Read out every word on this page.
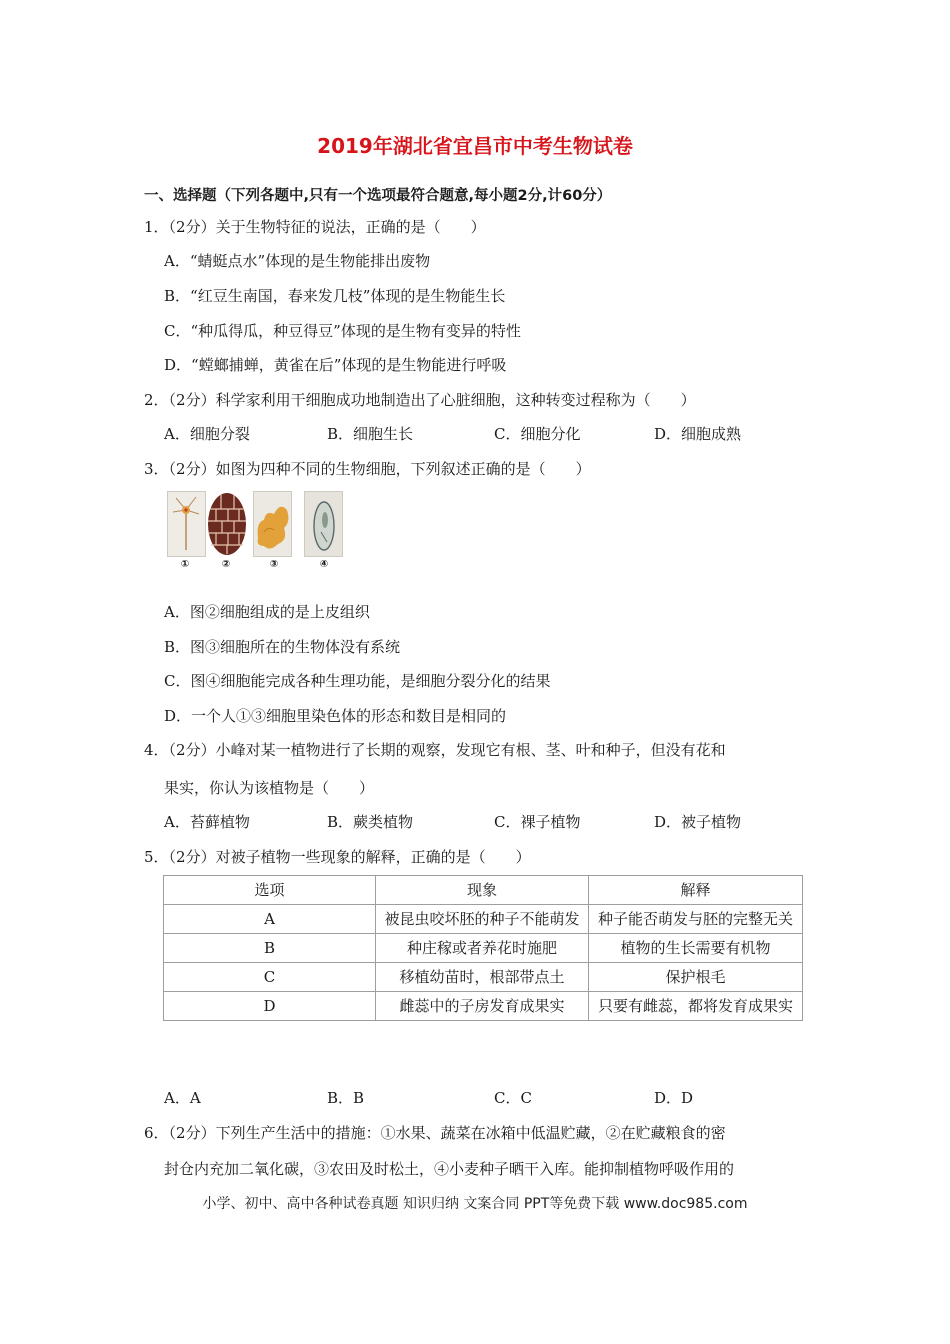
2019年湖北省宜昌市中考生物试卷
一、选择题（下列各题中,只有一个选项最符合题意,每小题2分,计60分）
1．（2分）关于生物特征的说法，正确的是（　　）
A．“蜻蜓点水”体现的是生物能排出废物
B．“红豆生南国，春来发几枝”体现的是生物能生长
C．“种瓜得瓜，种豆得豆”体现的是生物有变异的特性
D．“螳螂捕蝉，黄雀在后”体现的是生物能进行呼吸
2．（2分）科学家利用干细胞成功地制造出了心脏细胞，这种转变过程称为（　　）
A．细胞分裂	B．细胞生长	C．细胞分化	D．细胞成熟
3．（2分）如图为四种不同的生物细胞，下列叙述正确的是（　　）
①	②	③	④
A．图②细胞组成的是上皮组织
B．图③细胞所在的生物体没有系统
C．图④细胞能完成各种生理功能，是细胞分裂分化的结果
D．一个人①③细胞里染色体的形态和数目是相同的
4．（2分）小峰对某一植物进行了长期的观察，发现它有根、茎、叶和种子，但没有花和
果实，你认为该植物是（　　）
A．苔藓植物	B．蕨类植物	C．裸子植物	D．被子植物
5．（2分）对被子植物一些现象的解释，正确的是（　　）
选项	现象	解释
A	被昆虫咬坏胚的种子不能萌发	种子能否萌发与胚的完整无关
B	种庄稼或者养花时施肥	植物的生长需要有机物
C	移植幼苗时，根部带点土	保护根毛
D	雌蕊中的子房发育成果实	只要有雌蕊，都将发育成果实
A．A	B．B	C．C	D．D
6．（2分）下列生产生活中的措施：①水果、蔬菜在冰箱中低温贮藏，②在贮藏粮食的密
封仓内充加二氧化碳，③农田及时松土，④小麦种子晒干入库。能抑制植物呼吸作用的
小学、初中、高中各种试卷真题 知识归纳 文案合同 PPT等免费下载 www.doc985.com
